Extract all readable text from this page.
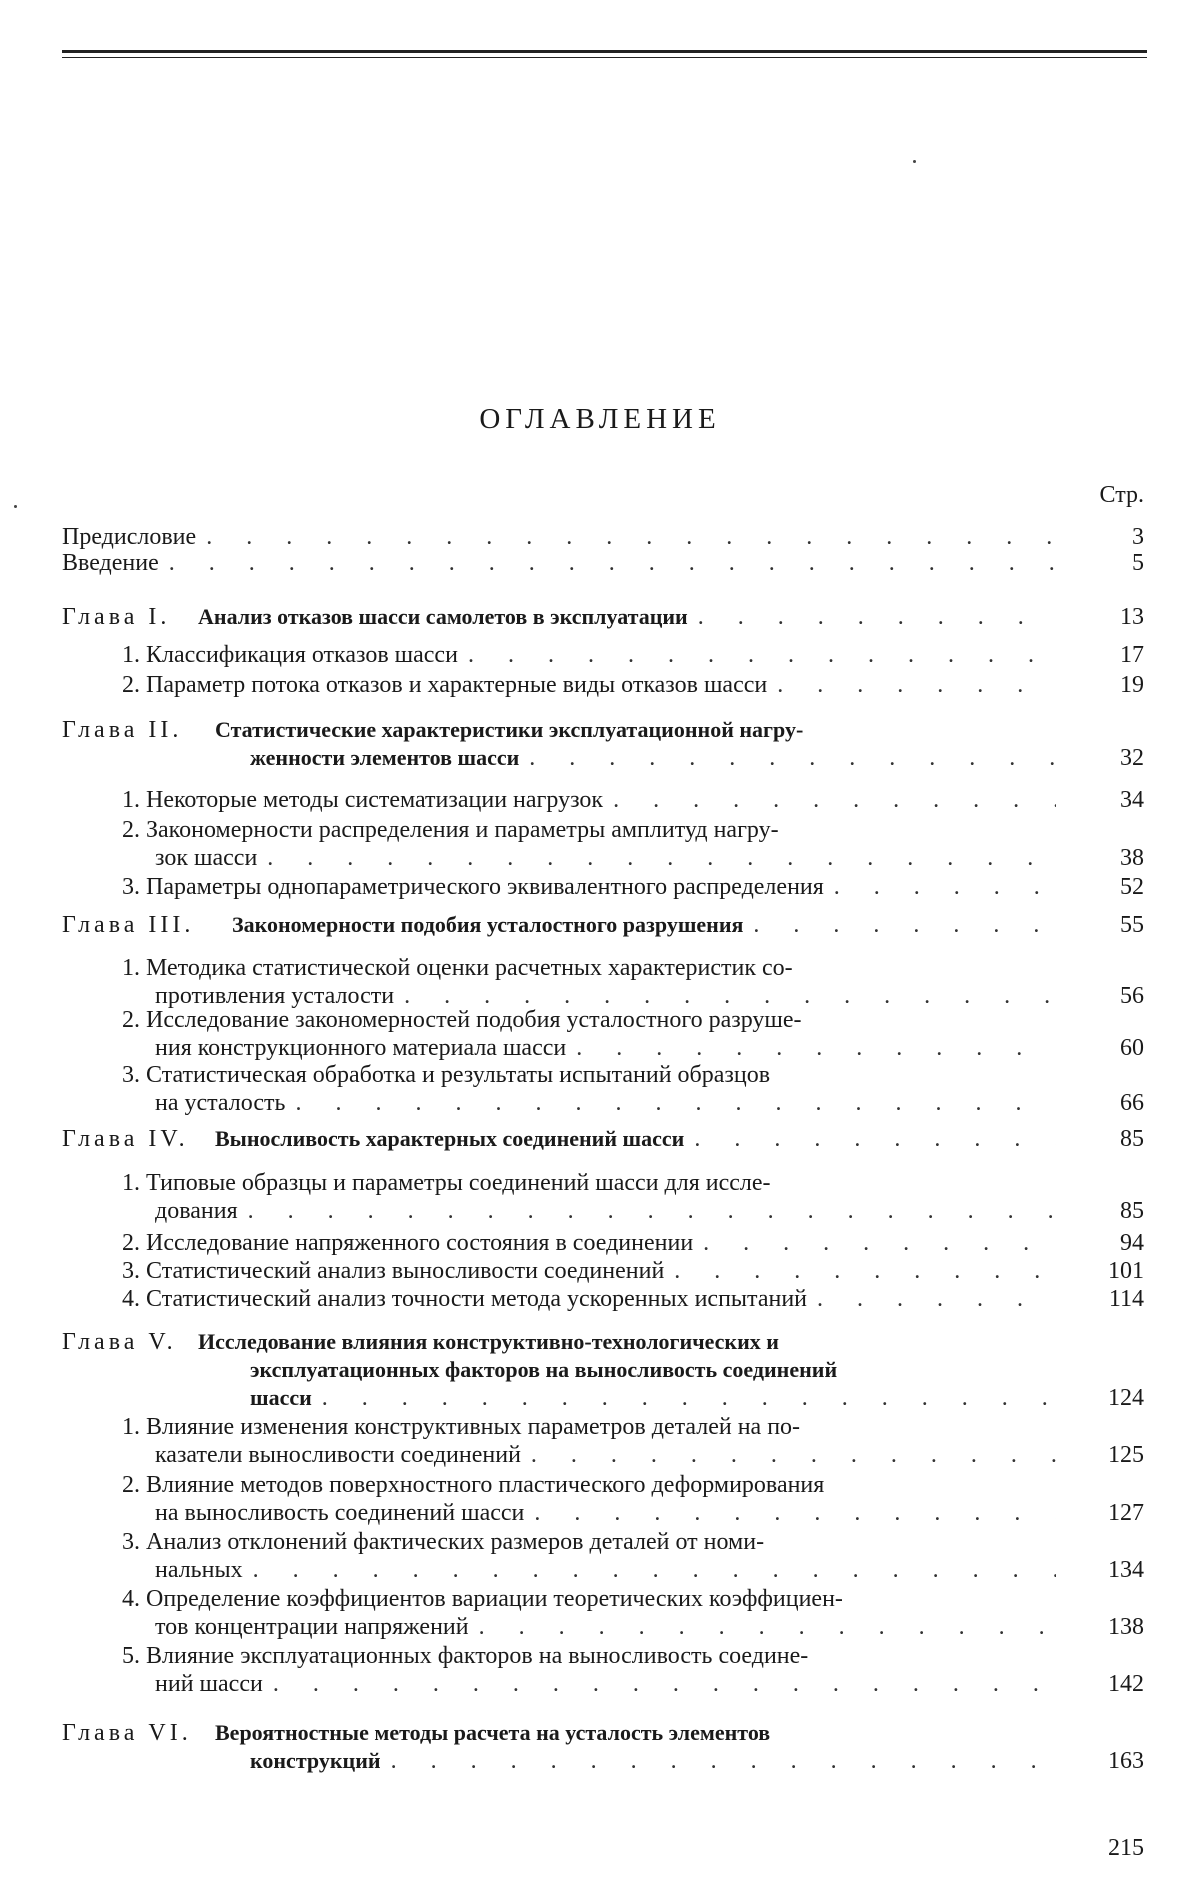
ОГЛАВЛЕНИЕ
Стр.
Предисловие . . .	3
Введение . . .	5
Глава I. Анализ отказов шасси самолетов в эксплуатации . . .	13
1. Классификация отказов шасси . . .	17
2. Параметр потока отказов и характерные виды отказов шасси . . .	19
Глава II. Статистические характеристики эксплуатационной нагру-
женности элементов шасси . . .	32
1. Некоторые методы систематизации нагрузок . . .	34
2. Закономерности распределения и параметры амплитуд нагру-
зок шасси . . .	38
3. Параметры однопараметрического эквивалентного распределения . . .	52
Глава III. Закономерности подобия усталостного разрушения . . .	55
1. Методика статистической оценки расчетных характеристик со-
противления усталости . . .	56
2. Исследование закономерностей подобия усталостного разруше-
ния конструкционного материала шасси . . .	60
3. Статистическая обработка и результаты испытаний образцов
на усталость . . .	66
Глава IV. Выносливость характерных соединений шасси . . .	85
1. Типовые образцы и параметры соединений шасси для иссле-
дования . . .	85
2. Исследование напряженного состояния в соединении . . .	94
3. Статистический анализ выносливости соединений . . .	101
4. Статистический анализ точности метода ускоренных испытаний . . .	114
Глава V. Исследование влияния конструктивно-технологических и
эксплуатационных факторов на выносливость соединений
шасси . . .	124
1. Влияние изменения конструктивных параметров деталей на по-
казатели выносливости соединений . . .	125
2. Влияние методов поверхностного пластического деформирования
на выносливость соединений шасси . . .	127
3. Анализ отклонений фактических размеров деталей от номи-
нальных . . .	134
4. Определение коэффициентов вариации теоретических коэффициен-
тов концентрации напряжений . . .	138
5. Влияние эксплуатационных факторов на выносливость соедине-
ний шасси . . .	142
Глава VI. Вероятностные методы расчета на усталость элементов
конструкций . . .	163
215
